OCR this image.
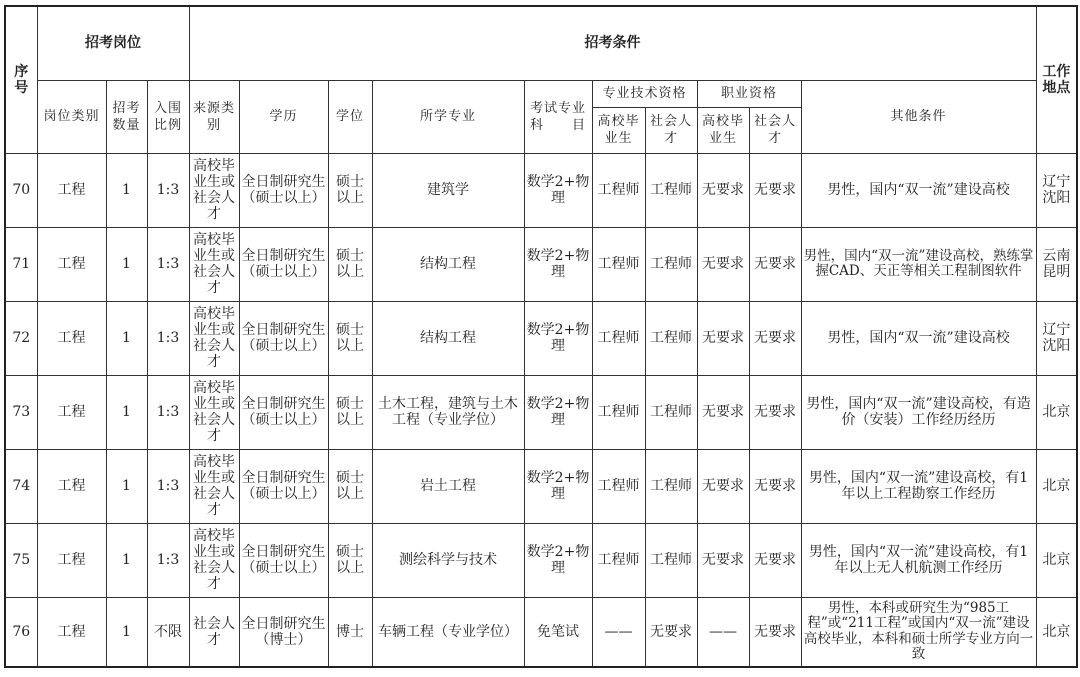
序号	招考岗位			招考条件										工作地点
	岗位类别	招考数量	入围比例	来源类别	学历	学位	所学专业	考试专业科　　目	专业技术资格		职业资格		其他条件	
									高校毕业生	社会人才	高校毕业生	社会人才		
70	工程	1	1:3	高校毕业生或社会人才	全日制研究生（硕士以上）	硕士以上	建筑学	数学2+物理	工程师	工程师	无要求	无要求	男性，国内“双一流”建设高校	辽宁沈阳
71	工程	1	1:3	高校毕业生或社会人才	全日制研究生（硕士以上）	硕士以上	结构工程	数学2+物理	工程师	工程师	无要求	无要求	男性，国内“双一流”建设高校，熟练掌握CAD、天正等相关工程制图软件	云南昆明
72	工程	1	1:3	高校毕业生或社会人才	全日制研究生（硕士以上）	硕士以上	结构工程	数学2+物理	工程师	工程师	无要求	无要求	男性，国内“双一流”建设高校	辽宁沈阳
73	工程	1	1:3	高校毕业生或社会人才	全日制研究生（硕士以上）	硕士以上	土木工程，建筑与土木工程（专业学位）	数学2+物理	工程师	工程师	无要求	无要求	男性，国内“双一流”建设高校，有造价（安装）工作经历经历	北京
74	工程	1	1:3	高校毕业生或社会人才	全日制研究生（硕士以上）	硕士以上	岩土工程	数学2+物理	工程师	工程师	无要求	无要求	男性，国内“双一流”建设高校，有1年以上工程勘察工作经历	北京
75	工程	1	1:3	高校毕业生或社会人才	全日制研究生（硕士以上）	硕士以上	测绘科学与技术	数学2+物理	工程师	工程师	无要求	无要求	男性，国内“双一流”建设高校，有1年以上无人机航测工作经历	北京
76	工程	1	不限	社会人才	全日制研究生（博士）	博士	车辆工程（专业学位）	免笔试	——	无要求	——	无要求	男性，本科或研究生为“985工程”或“211工程”或国内“双一流”建设高校毕业，本科和硕士所学专业方向一致	北京
